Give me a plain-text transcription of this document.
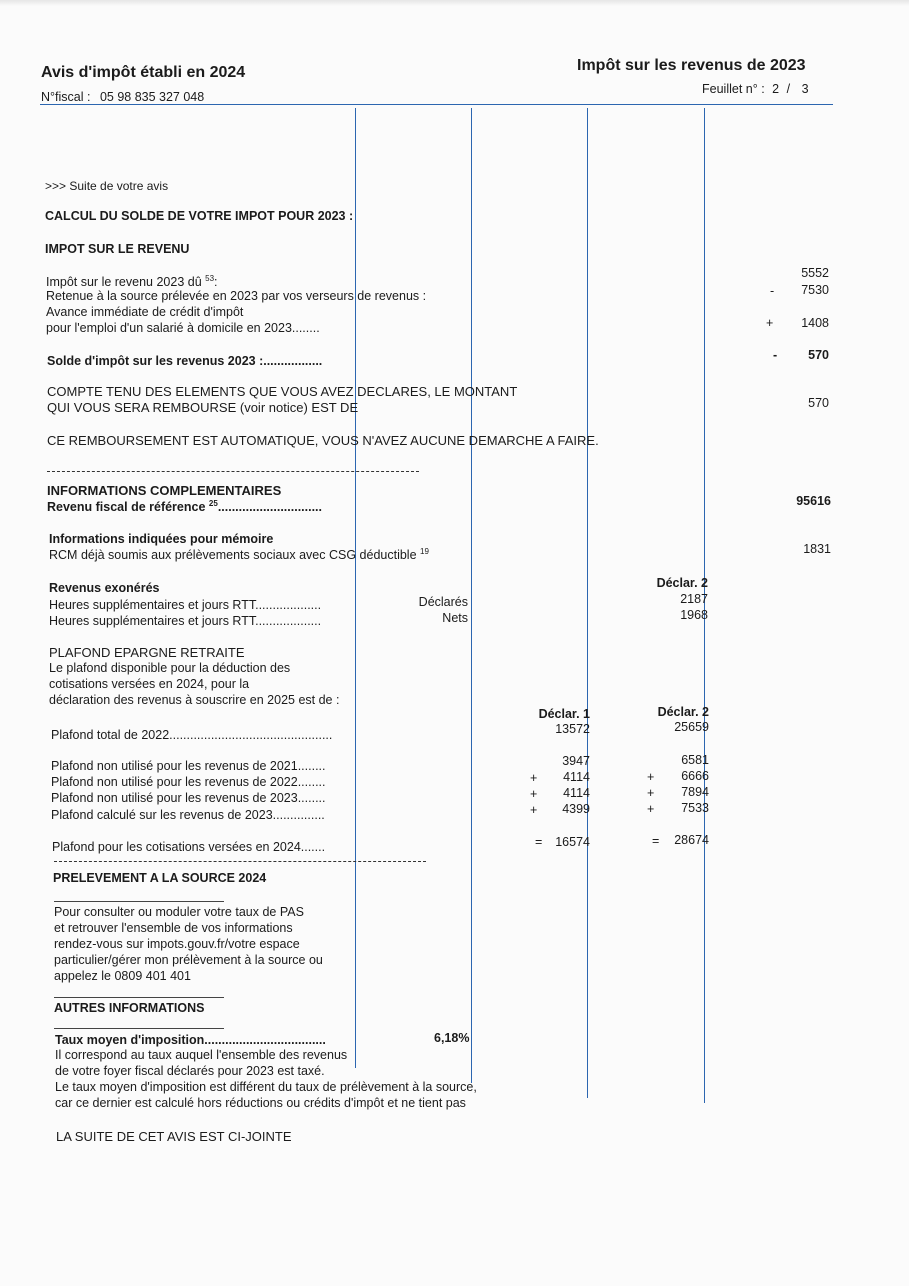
Avis d'impôt établi en 2024
N°fiscal : 05 98 835 327 048
Impôt sur les revenus de 2023
Feuillet n° : 2 / 3
>>> Suite de votre avis
CALCUL DU SOLDE DE VOTRE IMPOT POUR 2023 :
IMPOT SUR LE REVENU
Impôt sur le revenu 2023 dû $^{53}$:
5552
Retenue à la source prélevée en 2023 par vos verseurs de revenus :	-	7530
Avance immédiate de crédit d'impôt
pour l'emploi d'un salarié à domicile en 2023........	+	1408
Solde d'impôt sur les revenus 2023 :.................	-	570
COMPTE TENU DES ELEMENTS QUE VOUS AVEZ DECLARES, LE MONTANT
QUI VOUS SERA REMBOURSE (voir notice) EST DE	570
CE REMBOURSEMENT EST AUTOMATIQUE, VOUS N'AVEZ AUCUNE DEMARCHE A FAIRE.
INFORMATIONS COMPLEMENTAIRES
Revenu fiscal de référence $^{25}$..............................	95616
Informations indiquées pour mémoire
RCM déjà soumis aux prélèvements sociaux avec CSG déductible $^{19}$	1831
Revenus exonérés	Déclar. 2
Heures supplémentaires et jours RTT...................	Déclarés	2187
Heures supplémentaires et jours RTT...................	Nets	1968
PLAFOND EPARGNE RETRAITE
Le plafond disponible pour la déduction des
cotisations versées en 2024, pour la
déclaration des revenus à souscrire en 2025 est de :
Déclar. 1	Déclar. 2
Plafond total de 2022...............................................	13572	25659
Plafond non utilisé pour les revenus de 2021........	3947	6581
Plafond non utilisé pour les revenus de 2022........	+	4114	+	6666
Plafond non utilisé pour les revenus de 2023........	+	4114	+	7894
Plafond calculé sur les revenus de 2023...............	+	4399	+	7533
Plafond pour les cotisations versées en 2024.......	=	16574	=	28674
PRELEVEMENT A LA SOURCE 2024
Pour consulter ou moduler votre taux de PAS
et retrouver l'ensemble de vos informations
rendez-vous sur impots.gouv.fr/votre espace
particulier/gérer mon prélèvement à la source ou
appelez le 0809 401 401
AUTRES INFORMATIONS
Taux moyen d'imposition...................................	6,18%
Il correspond au taux auquel l'ensemble des revenus
de votre foyer fiscal déclarés pour 2023 est taxé.
Le taux moyen d'imposition est différent du taux de prélèvement à la source,
car ce dernier est calculé hors réductions ou crédits d'impôt et ne tient pas
LA SUITE DE CET AVIS EST CI-JOINTE
